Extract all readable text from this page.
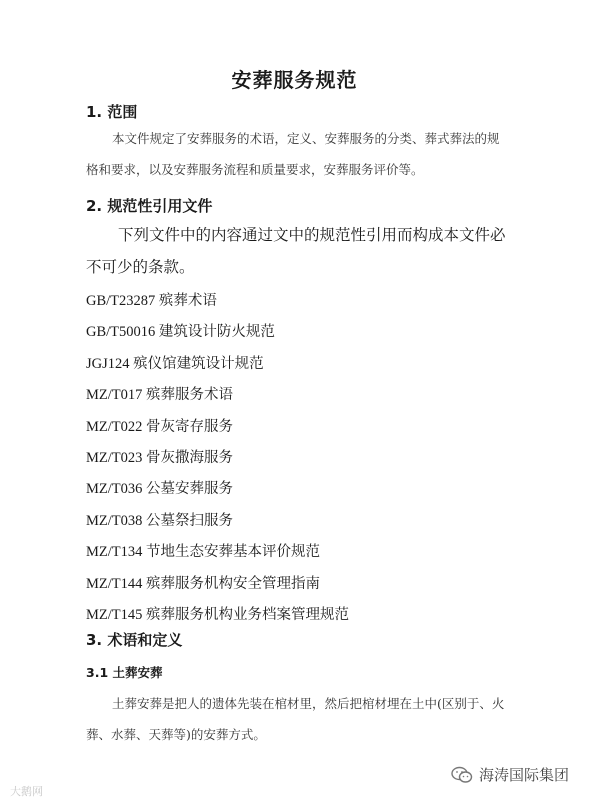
安葬服务规范
1. 范围
本文件规定了安葬服务的术语，定义、安葬服务的分类、葬式葬法的规格和要求，以及安葬服务流程和质量要求，安葬服务评价等。
2. 规范性引用文件
下列文件中的内容通过文中的规范性引用而构成本文件必不可少的条款。
GB/T23287 殡葬术语
GB/T50016 建筑设计防火规范
JGJ124 殡仪馆建筑设计规范
MZ/T017 殡葬服务术语
MZ/T022 骨灰寄存服务
MZ/T023 骨灰撒海服务
MZ/T036 公墓安葬服务
MZ/T038 公墓祭扫服务
MZ/T134 节地生态安葬基本评价规范
MZ/T144 殡葬服务机构安全管理指南
MZ/T145 殡葬服务机构业务档案管理规范
3. 术语和定义
3.1 土葬安葬
土葬安葬是把人的遗体先装在棺材里，然后把棺材埋在土中(区别于、火葬、水葬、天葬等)的安葬方式。
大鹅网
海涛国际集团
